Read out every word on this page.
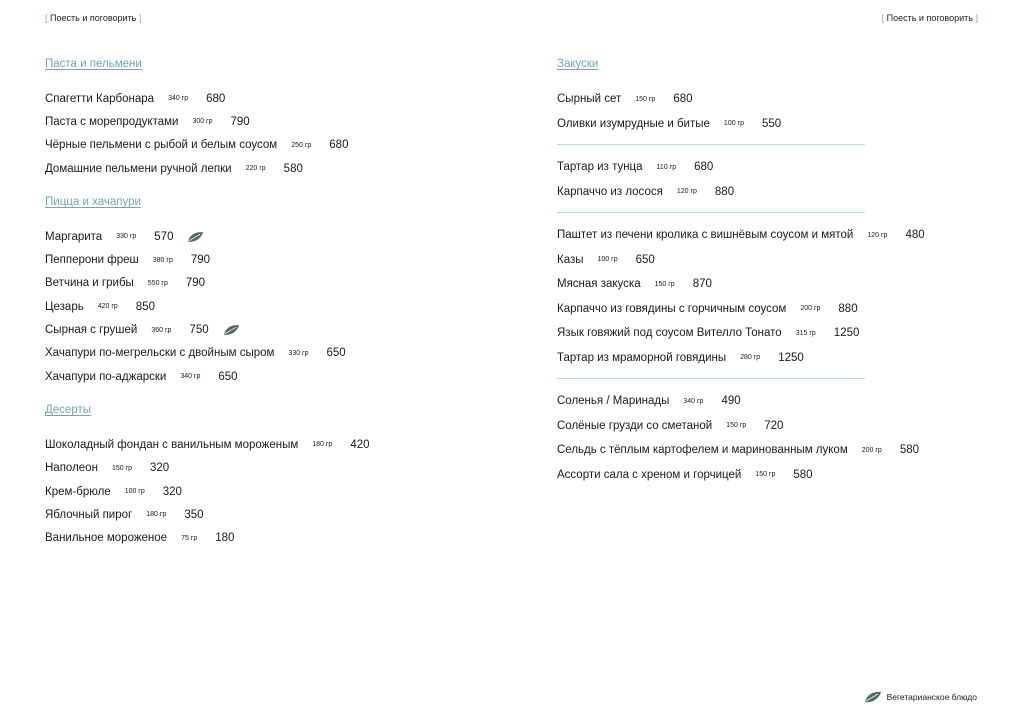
[ Поесть и поговорить ]	[ Поесть и поговорить ]
Паста и пельмени
Спагетти Карбонара 340 гр 680
Паста с морепродуктами 300 гр 790
Чёрные пельмени с рыбой и белым соусом 250 гр 680
Домашние пельмени ручной лепки 220 гр 580
Пицца и хачапури
Маргарита 330 гр 570
Пепперони фреш 380 гр 790
Ветчина и грибы 550 гр 790
Цезарь 420 гр 850
Сырная с грушей 360 гр 750
Хачапури по-мегрельски с двойным сыром 330 гр 650
Хачапури по-аджарски 340 гр 650
Десерты
Шоколадный фондан с ванильным мороженым 180 гр 420
Наполеон 150 гр 320
Крем-брюле 100 гр 320
Яблочный пирог 180 гр 350
Ванильное мороженое 75 гр 180
Закуски
Сырный сет 150 гр 680
Оливки изумрудные и битые 100 гр 550
Тартар из тунца 110 гр 680
Карпаччо из лосося 120 гр 880
Паштет из печени кролика с вишнёвым соусом и мятой 120 гр 480
Казы 100 гр 650
Мясная закуска 150 гр 870
Карпаччо из говядины с горчичным соусом 200 гр 880
Язык говяжий под соусом Вителло Тонато 315 гр 1250
Тартар из мраморной говядины 280 гр 1250
Соленья / Маринады 340 гр 490
Солёные грузди со сметаной 150 гр 720
Сельдь с тёплым картофелем и маринованным луком 200 гр 580
Ассорти сала с хреном и горчицей 150 гр 580
Вегетарианское блюдо
